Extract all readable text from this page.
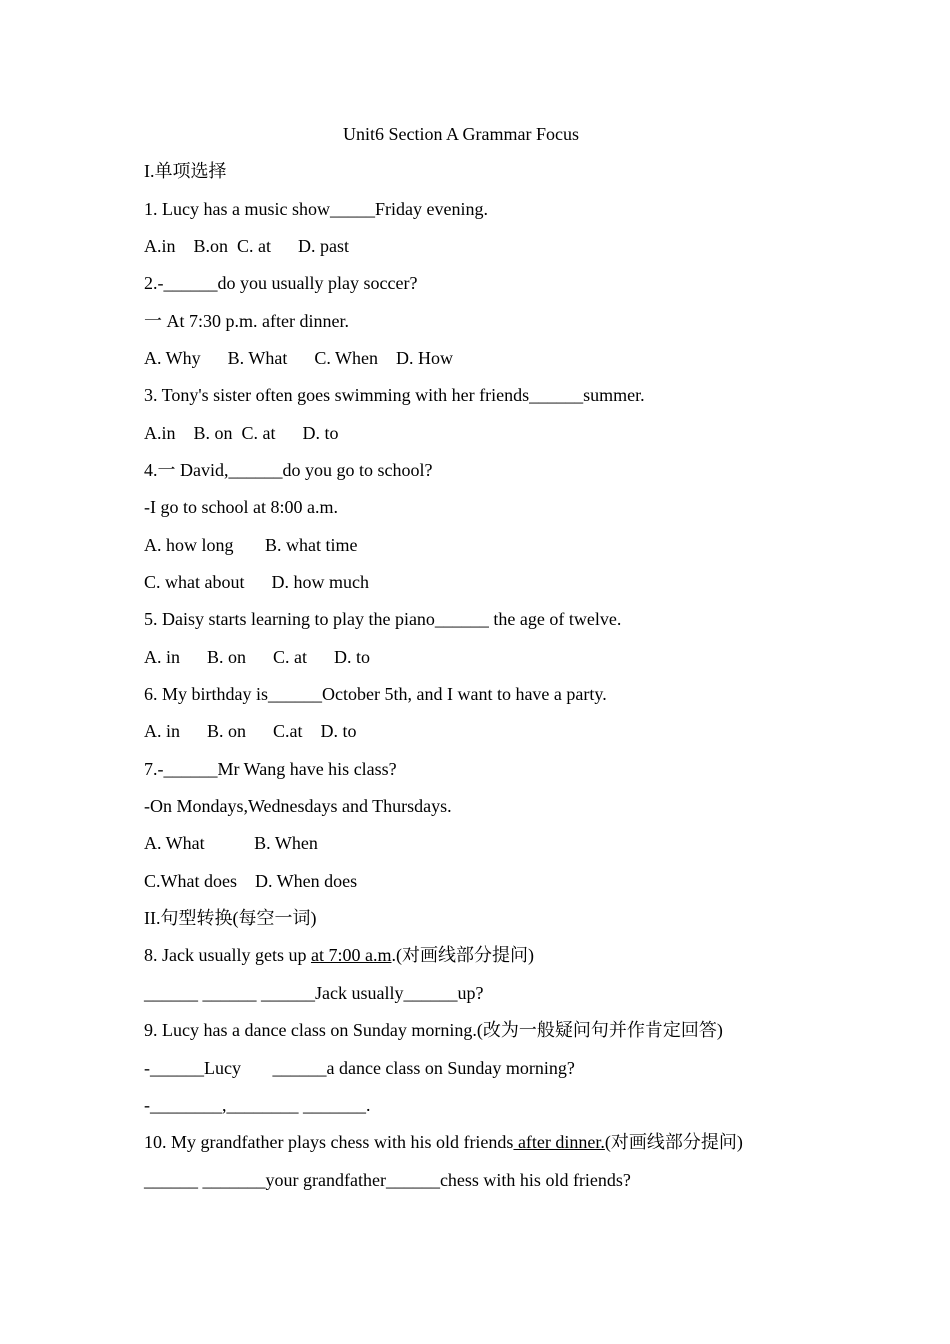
Unit6 Section A Grammar Focus
I.单项选择
1. Lucy has a music show_____Friday evening.
A.in    B.on  C. at      D. past
2.-______do you usually play soccer?
一 At 7:30 p.m. after dinner.
A. Why      B. What      C. When    D. How
3. Tony's sister often goes swimming with her friends______summer.
A.in    B. on  C. at      D. to
4.一 David,______do you go to school?
-I go to school at 8:00 a.m.
A. how long       B. what time
C. what about      D. how much
5. Daisy starts learning to play the piano______ the age of twelve.
A. in      B. on      C. at      D. to
6. My birthday is______October 5th, and I want to have a party.
A. in      B. on      C.at    D. to
7.-______Mr Wang have his class?
-On Mondays,Wednesdays and Thursdays.
A. What           B. When
C.What does    D. When does
II.句型转换(每空一词)
8. Jack usually gets up at 7:00 a.m.(对画线部分提问)
______ ______ ______Jack usually______up?
9. Lucy has a dance class on Sunday morning.(改为一般疑问句并作肯定回答)
-______Lucy       ______a dance class on Sunday morning?
-________,________ _______.
10. My grandfather plays chess with his old friends after dinner.(对画线部分提问)
______ _______your grandfather______chess with his old friends?
